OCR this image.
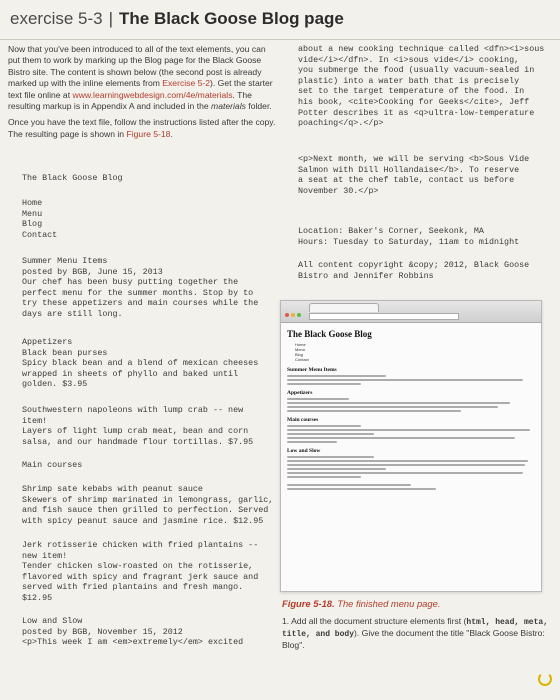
exercise 5-3 | The Black Goose Blog page

Now that you've been introduced to all of the text elements, you can put them to work by marking up the Blog page for the Black Goose Bistro site. The content is shown below (the second post is already marked up with the inline elements from Exercise 5-2). Get the starter text file online at www.learningwebdesign.com/4e/materials. The resulting markup is in Appendix A and included in the materials folder.

Once you have the text file, follow the instructions listed after the copy. The resulting page is shown in Figure 5-18.

The Black Goose Blog
Home
Menu
Blog
Contact
Summer Menu Items
posted by BGB, June 15, 2013
Our chef has been busy putting together the
perfect menu for the summer months. Stop by to
try these appetizers and main courses while the
days are still long.
Appetizers
Black bean purses
Spicy black bean and a blend of mexican cheeses
wrapped in sheets of phyllo and baked until
golden. $3.95
Southwestern napoleons with lump crab -- new
item!
Layers of light lump crab meat, bean and corn
salsa, and our handmade flour tortillas. $7.95
Main courses
Shrimp sate kebabs with peanut sauce
Skewers of shrimp marinated in lemongrass, garlic,
and fish sauce then grilled to perfection. Served
with spicy peanut sauce and jasmine rice. $12.95
Jerk rotisserie chicken with fried plantains --
new item!
Tender chicken slow-roasted on the rotisserie,
flavored with spicy and fragrant jerk sauce and
served with fried plantains and fresh mango.
$12.95
Low and Slow
posted by BGB, November 15, 2012
<p>This week I am <em>extremely</em> excited
about a new cooking technique called <dfn><i>sous
vide</i></dfn>. In <i>sous vide</i> cooking,
you submerge the food (usually vacuum-sealed in
plastic) into a water bath that is precisely
set to the target temperature of the food. In
his book, <cite>Cooking for Geeks</cite>, Jeff
Potter describes it as <q>ultra-low-temperature
poaching</q>.</p>
<p>Next month, we will be serving <b>Sous Vide
Salmon with Dill Hollandaise</b>. To reserve
a seat at the chef table, contact us before
November 30.</p>
Location: Baker's Corner, Seekonk, MA
Hours: Tuesday to Saturday, 11am to midnight
All content copyright &copy; 2012, Black Goose
Bistro and Jennifer Robbins
The Black Goose Blog
Home
Menu
Blog
Contact
Summer Menu Items
Appetizers
Main courses
Low and Slow
Figure 5-18. The finished menu page.
1. Add all the document structure elements first (html, head, meta, title, and body). Give the document the title "Black Goose Bistro: Blog".
